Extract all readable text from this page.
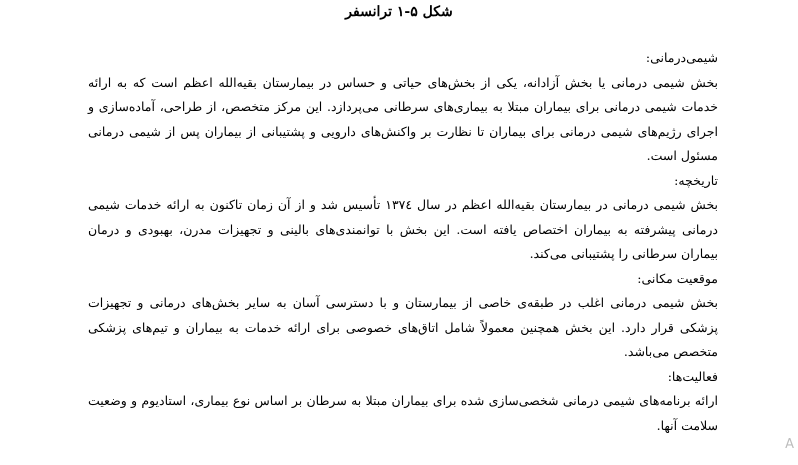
شکل ۵-۱ ترانسفر
شیمی‌درمانی:

بخش شیمی درمانی یا بخش آزادانه، یکی از بخش‌های حیاتی و حساس در بیمارستان بقیه‌الله اعظم است که به ارائه خدمات شیمی درمانی برای بیماران مبتلا به بیماری‌های سرطانی می‌پردازد. این مرکز متخصص، از طراحی، آماده‌سازی و اجرای رژیم‌های شیمی درمانی برای بیماران تا نظارت بر واکنش‌های دارویی و پشتیبانی از بیماران پس از شیمی درمانی مسئول است.

تاریخچه:

بخش شیمی درمانی در بیمارستان بقیه‌الله اعظم در سال ۱۳۷٤ تأسیس شد و از آن زمان تاکنون به ارائه خدمات شیمی درمانی پیشرفته به بیماران اختصاص یافته است. این بخش با توانمندی‌های بالینی و تجهیزات مدرن، بهبودی و درمان بیماران سرطانی را پشتیبانی می‌کند.

موقعیت مکانی:

بخش شیمی درمانی اغلب در طبقه‌ی خاصی از بیمارستان و با دسترسی آسان به سایر بخش‌های درمانی و تجهیزات پزشکی قرار دارد. این بخش همچنین معمولاً شامل اتاق‌های خصوصی برای ارائه خدمات به بیماران و تیم‌های پزشکی متخصص می‌باشد.

فعالیت‌ها:

ارائه برنامه‌های شیمی درمانی شخصی‌سازی شده برای بیماران مبتلا به سرطان بر اساس نوع بیماری، استادیوم و وضعیت سلامت آنها.

A
